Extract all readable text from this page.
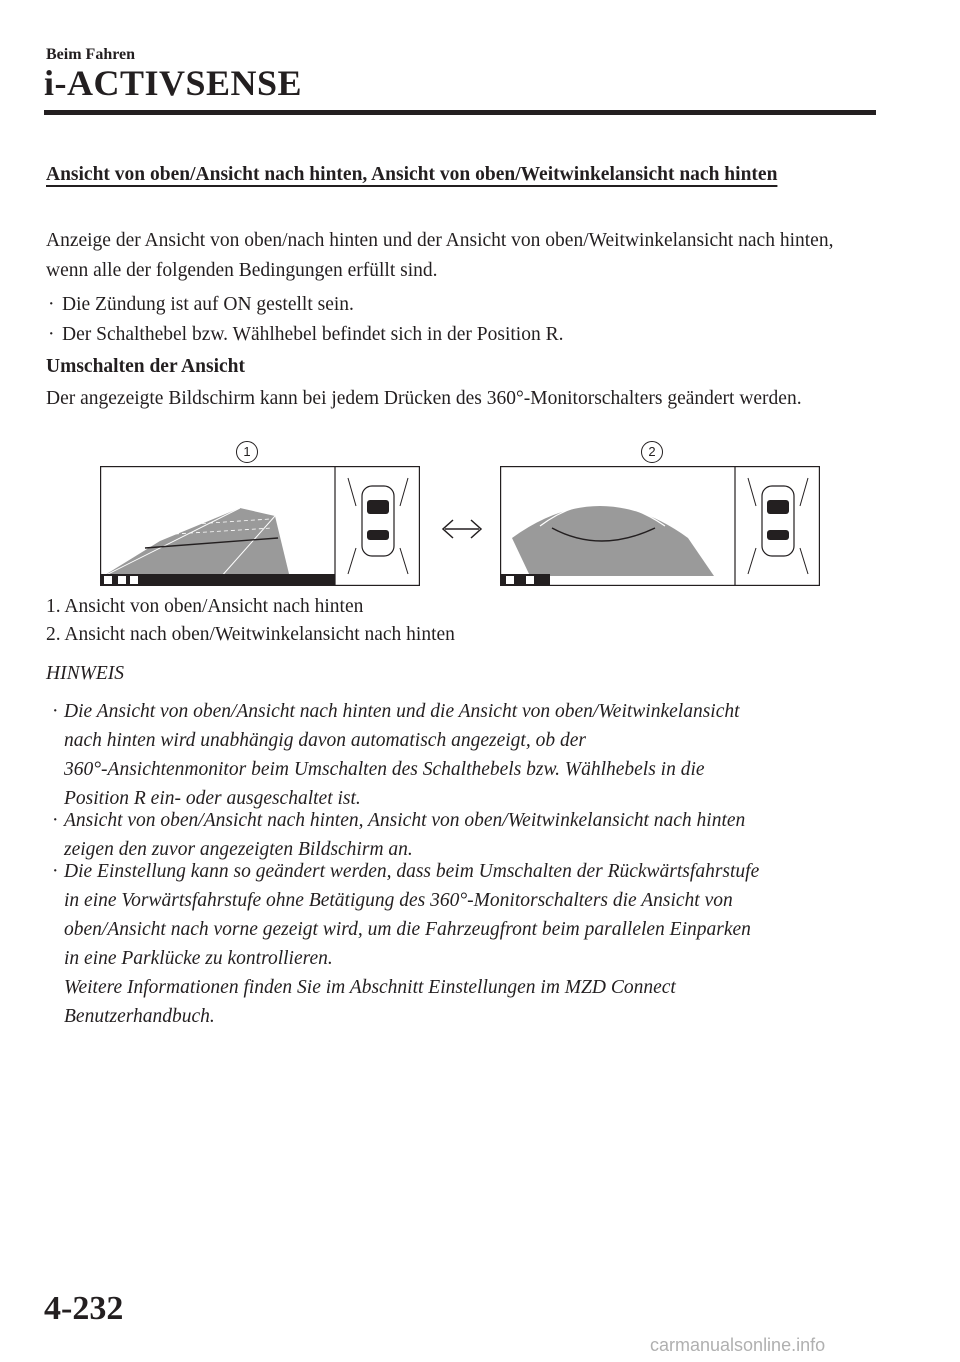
Beim Fahren
i-ACTIVSENSE
Ansicht von oben/Ansicht nach hinten, Ansicht von oben/Weitwinkelansicht nach hinten
Anzeige der Ansicht von oben/nach hinten und der Ansicht von oben/Weitwinkelansicht nach hinten, wenn alle der folgenden Bedingungen erfüllt sind.
· Die Zündung ist auf ON gestellt sein.
· Der Schalthebel bzw. Wählhebel befindet sich in der Position R.
Umschalten der Ansicht
Der angezeigte Bildschirm kann bei jedem Drücken des 360°-Monitorschalters geändert werden.
1	2
1. Ansicht von oben/Ansicht nach hinten
2. Ansicht nach oben/Weitwinkelansicht nach hinten
HINWEIS
· Die Ansicht von oben/Ansicht nach hinten und die Ansicht von oben/Weitwinkelansicht
nach hinten wird unabhängig davon automatisch angezeigt, ob der
360°-Ansichtenmonitor beim Umschalten des Schalthebels bzw. Wählhebels in die
Position R ein- oder ausgeschaltet ist.
· Ansicht von oben/Ansicht nach hinten, Ansicht von oben/Weitwinkelansicht nach hinten
zeigen den zuvor angezeigten Bildschirm an.
· Die Einstellung kann so geändert werden, dass beim Umschalten der Rückwärtsfahrstufe
in eine Vorwärtsfahrstufe ohne Betätigung des 360°-Monitorschalters die Ansicht von
oben/Ansicht nach vorne gezeigt wird, um die Fahrzeugfront beim parallelen Einparken
in eine Parklücke zu kontrollieren.
Weitere Informationen finden Sie im Abschnitt Einstellungen im MZD Connect
Benutzerhandbuch.
4-232
carmanualsonline.info
